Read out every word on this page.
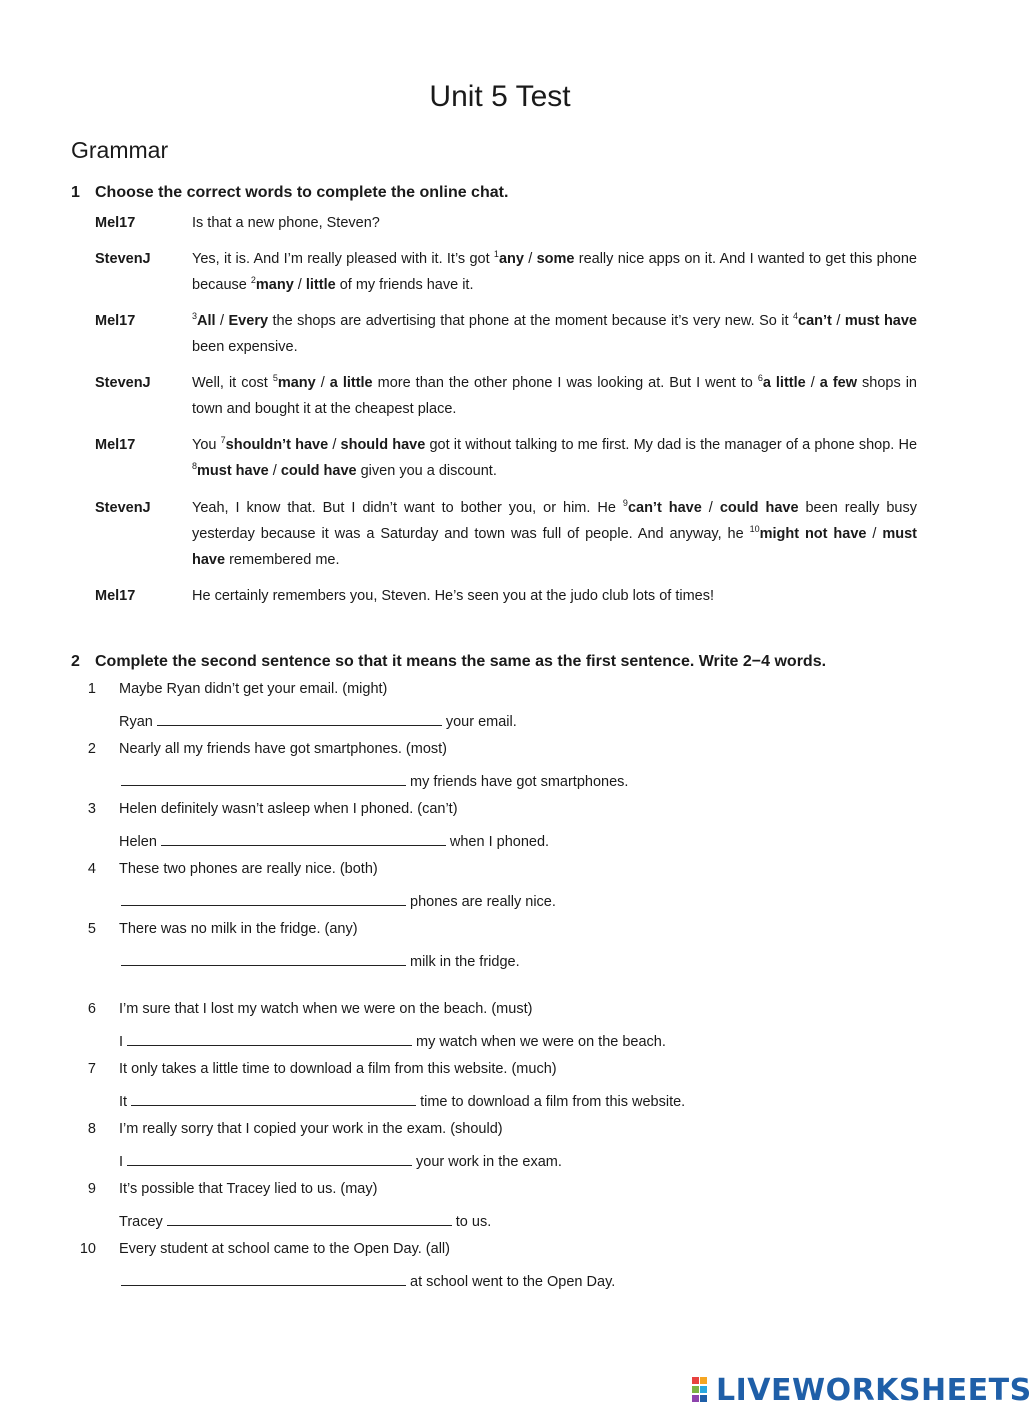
Unit 5 Test
Grammar
1 Choose the correct words to complete the online chat.
Mel17	Is that a new phone, Steven?
StevenJ	Yes, it is. And I’m really pleased with it. It’s got $^1$any / some really nice apps on it. And I wanted to get this phone because $^2$many / little of my friends have it.
Mel17	$^3$All / Every the shops are advertising that phone at the moment because it’s very new. So it $^4$can’t / must have been expensive.
StevenJ	Well, it cost $^5$many / a little more than the other phone I was looking at. But I went to $^6$a little / a few shops in town and bought it at the cheapest place.
Mel17	You $^7$shouldn’t have / should have got it without talking to me first. My dad is the manager of a phone shop. He $^8$must have / could have given you a discount.
StevenJ	Yeah, I know that. But I didn’t want to bother you, or him. He $^9$can’t have / could have been really busy yesterday because it was a Saturday and town was full of people. And anyway, he $^{10}$might not have / must have remembered me.
Mel17	He certainly remembers you, Steven. He’s seen you at the judo club lots of times!
2 Complete the second sentence so that it means the same as the first sentence. Write 2−4 words.
1 Maybe Ryan didn’t get your email. (might)
Ryan	your email.
2 Nearly all my friends have got smartphones. (most)
my friends have got smartphones.
3 Helen definitely wasn’t asleep when I phoned. (can’t)
Helen	when I phoned.
4 These two phones are really nice. (both)
phones are really nice.
5 There was no milk in the fridge. (any)
milk in the fridge.
6 I’m sure that I lost my watch when we were on the beach. (must)
I	my watch when we were on the beach.
7 It only takes a little time to download a film from this website. (much)
It	time to download a film from this website.
8 I’m really sorry that I copied your work in the exam. (should)
I	your work in the exam.
9 It’s possible that Tracey lied to us. (may)
Tracey	to us.
10 Every student at school came to the Open Day. (all)
at school went to the Open Day.
LIVEWORKSHEETS
